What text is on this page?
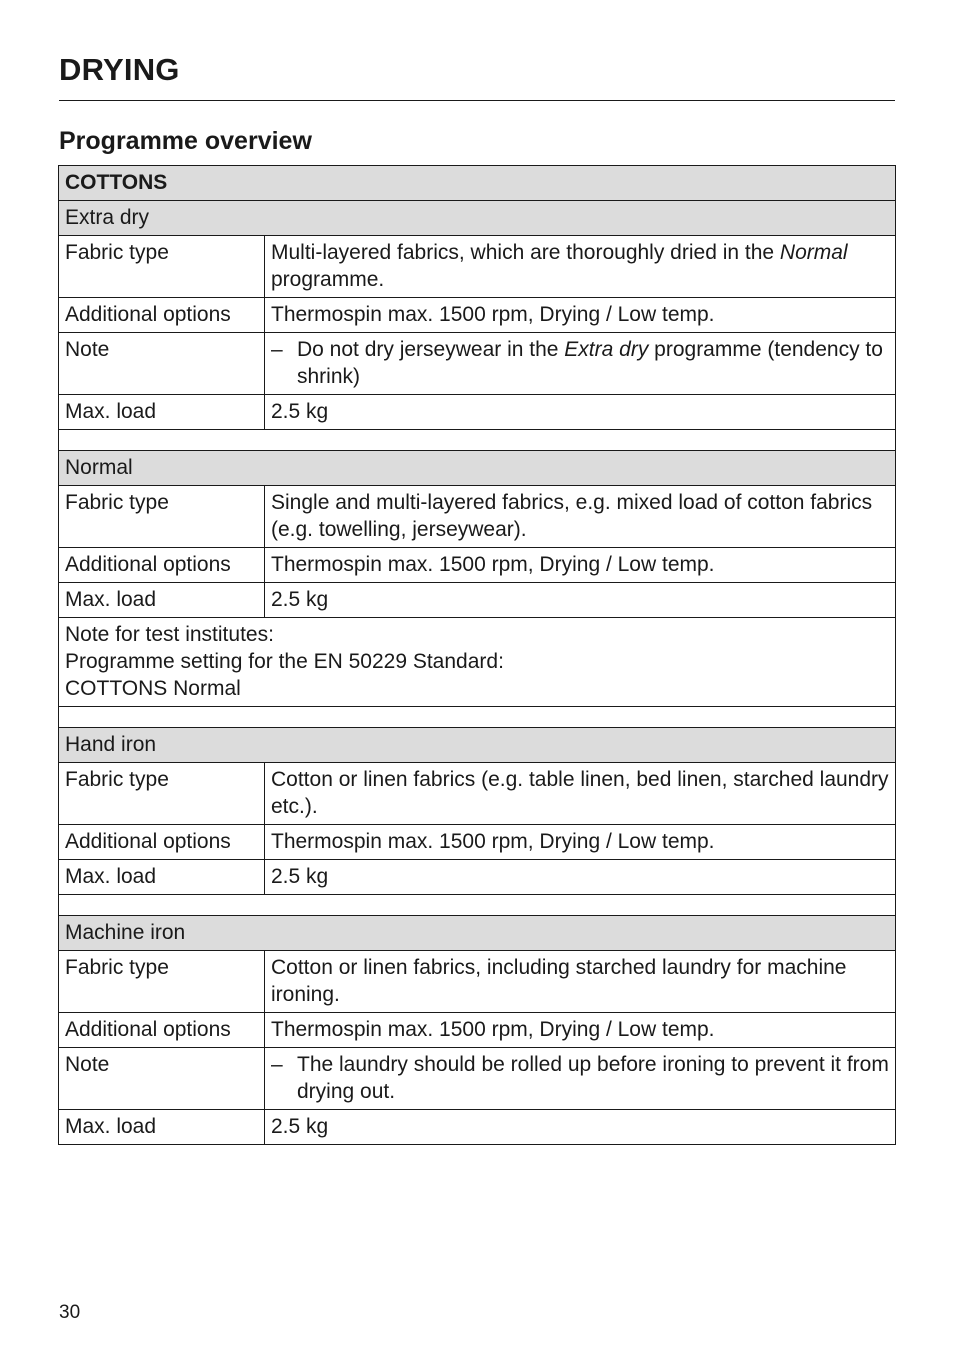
DRYING
Programme overview
COTTONS	
Extra dry	
Fabric type	Multi-layered fabrics, which are thoroughly dried in the Normal programme.
Additional options	Thermospin max. 1500 rpm, Drying / Low temp.
Note	– Do not dry jerseywear in the Extra dry programme (tendency to shrink)

Max. load	2.5 kg

Normal	
Fabric type	Single and multi-layered fabrics, e.g. mixed load of cotton fabrics (e.g. towelling, jerseywear).
Additional options	Thermospin max. 1500 rpm, Drying / Low temp.
Max. load	2.5 kg

Note for test institutes:
Programme setting for the EN 50229 Standard:
COTTONS Normal	

Hand iron	
Fabric type	Cotton or linen fabrics (e.g. table linen, bed linen, starched laundry etc.).
Additional options	Thermospin max. 1500 rpm, Drying / Low temp.
Max. load	2.5 kg

Machine iron	
Fabric type	Cotton or linen fabrics, including starched laundry for machine ironing.
Additional options	Thermospin max. 1500 rpm, Drying / Low temp.
Note	– The laundry should be rolled up before ironing to prevent it from drying out.

Max. load	2.5 kg
30
